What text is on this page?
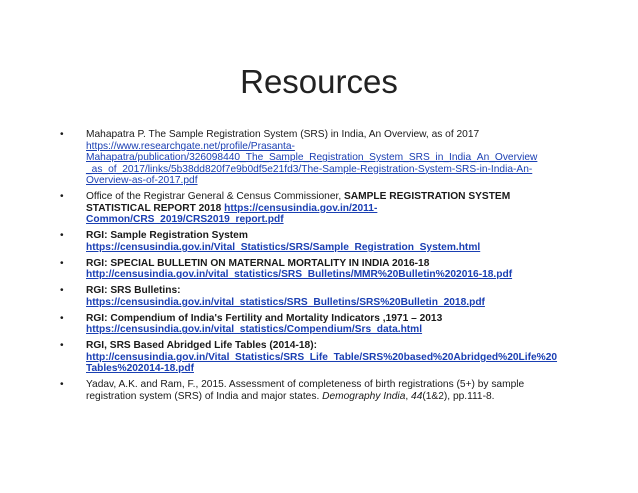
Resources
•	Mahapatra P. The Sample Registration System (SRS) in India, An Overview, as of 2017
https://www.researchgate.net/profile/Prasanta-
Mahapatra/publication/326098440_The_Sample_Registration_System_SRS_in_India_An_Overview
_as_of_2017/links/5b38dd820f7e9b0df5e21fd3/The-Sample-Registration-System-SRS-in-India-An-
Overview-as-of-2017.pdf
•	Office of the Registrar General & Census Commissioner, SAMPLE REGISTRATION SYSTEM STATISTICAL REPORT 2018 https://censusindia.gov.in/2011-
Common/CRS_2019/CRS2019_report.pdf
•	RGI: Sample Registration System
https://censusindia.gov.in/Vital_Statistics/SRS/Sample_Registration_System.html
•	RGI: SPECIAL BULLETIN ON MATERNAL MORTALITY IN INDIA 2016-18
http://censusindia.gov.in/vital_statistics/SRS_Bulletins/MMR%20Bulletin%202016-18.pdf
•	RGI: SRS Bulletins:
https://censusindia.gov.in/vital_statistics/SRS_Bulletins/SRS%20Bulletin_2018.pdf
•	RGI: Compendium of India's Fertility and Mortality Indicators ,1971 – 2013
https://censusindia.gov.in/vital_statistics/Compendium/Srs_data.html
•	RGI, SRS Based Abridged Life Tables (2014-18):
http://censusindia.gov.in/Vital_Statistics/SRS_Life_Table/SRS%20based%20Abridged%20Life%20
Tables%202014-18.pdf
•	Yadav, A.K. and Ram, F., 2015. Assessment of completeness of birth registrations (5+) by sample registration system (SRS) of India and major states. Demography India, 44(1&2), pp.111-8.
